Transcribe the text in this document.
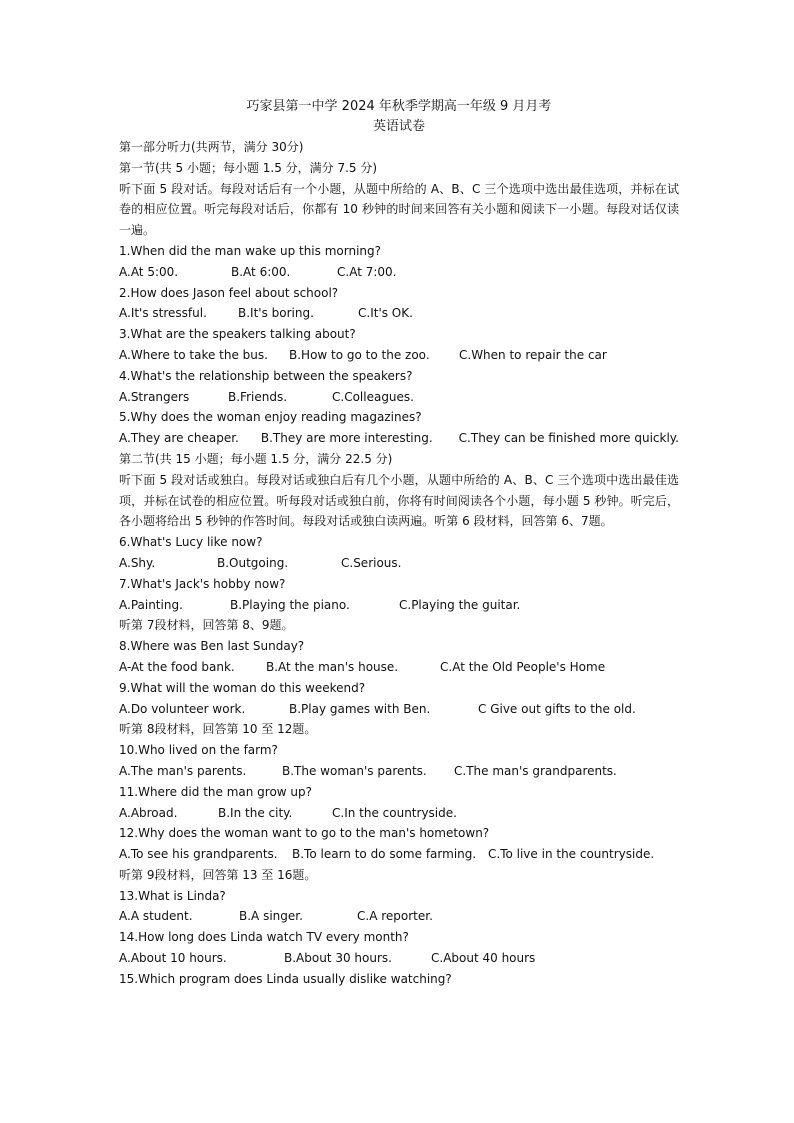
巧家县第一中学 2024 年秋季学期高一年级 9 月月考
英语试卷
第一部分听力(共两节，满分 30分)
第一节(共 5 小题；每小题 1.5 分，满分 7.5 分)
听下面 5 段对话。每段对话后有一个小题，从题中所给的 A、B、C 三个选项中选出最佳选项，并标在试卷的相应位置。听完每段对话后，你都有 10 秒钟的时间来回答有关小题和阅读下一小题。每段对话仅读一遍。
1.When did the man wake up this morning?
A.At 5:00.	B.At 6:00.	C.At 7:00.
2.How does Jason feel about school?
A.It's stressful.	B.It's boring.	C.It's OK.
3.What are the speakers talking about?
A.Where to take the bus.	B.How to go to the zoo.	C.When to repair the car
4.What's the relationship between the speakers?
A.Strangers	B.Friends.	C.Colleagues.
5.Why does the woman enjoy reading magazines?
A.They are cheaper.	B.They are more interesting.	C.They can be finished more quickly.
第二节(共 15 小题；每小题 1.5 分，满分 22.5 分)
听下面 5 段对话或独白。每段对话或独白后有几个小题，从题中所给的 A、B、C 三个选项中选出最佳选项，并标在试卷的相应位置。听每段对话或独白前，你将有时间阅读各个小题，每小题 5 秒钟。听完后，各小题将给出 5 秒钟的作答时间。每段对话或独白读两遍。听第 6 段材料，回答第 6、7题。
6.What's Lucy like now?
A.Shy.	B.Outgoing.	C.Serious.
7.What's Jack's hobby now?
A.Painting.	B.Playing the piano.	C.Playing the guitar.
听第 7段材料，回答第 8、9题。
8.Where was Ben last Sunday?
A-At the food bank.	B.At the man's house.	C.At the Old People's Home
9.What will the woman do this weekend?
A.Do volunteer work.	B.Play games with Ben.	C Give out gifts to the old.
听第 8段材料，回答第 10 至 12题。
10.Who lived on the farm?
A.The man's parents.	B.The woman's parents.	C.The man's grandparents.
11.Where did the man grow up?
A.Abroad.	B.In the city.	C.In the countryside.
12.Why does the woman want to go to the man's hometown?
A.To see his grandparents.	B.To learn to do some farming. C.To live in the countryside.
听第 9段材料，回答第 13 至 16题。
13.What is Linda?
A.A student.	B.A singer.	C.A reporter.
14.How long does Linda watch TV every month?
A.About 10 hours.	B.About 30 hours.	C.About 40 hours
15.Which program does Linda usually dislike watching?
